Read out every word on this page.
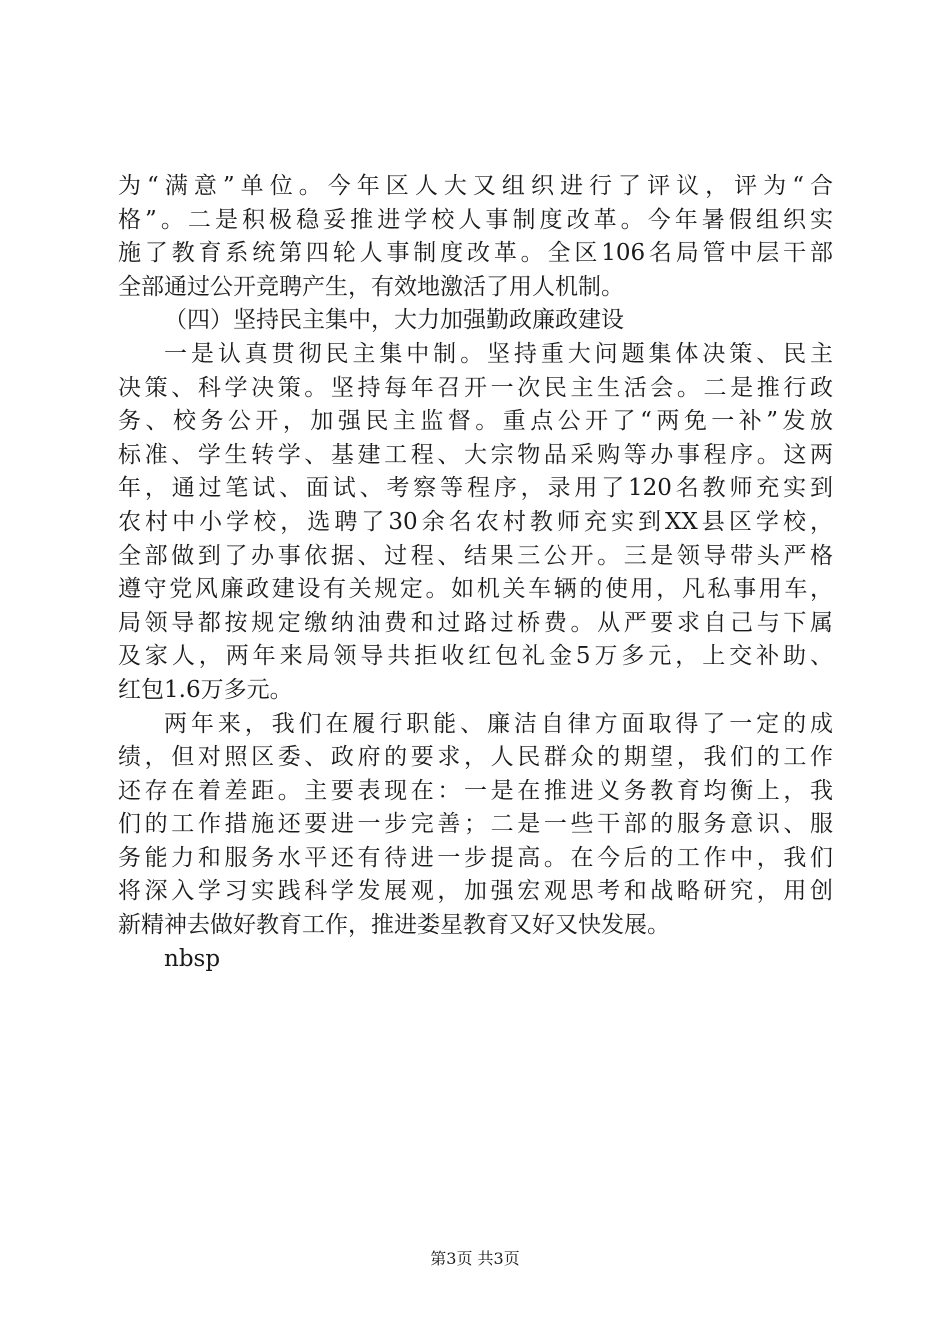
为“满意”单位。今年区人大又组织进行了评议，评为“合
格”。二是积极稳妥推进学校人事制度改革。今年暑假组织实
施了教育系统第四轮人事制度改革。全区106名局管中层干部
全部通过公开竞聘产生，有效地激活了用人机制。

（四）坚持民主集中，大力加强勤政廉政建设

一是认真贯彻民主集中制。坚持重大问题集体决策、民主
决策、科学决策。坚持每年召开一次民主生活会。二是推行政
务、校务公开，加强民主监督。重点公开了“两免一补”发放
标准、学生转学、基建工程、大宗物品采购等办事程序。这两
年，通过笔试、面试、考察等程序，录用了120名教师充实到
农村中小学校，选聘了30余名农村教师充实到XX县区学校，
全部做到了办事依据、过程、结果三公开。三是领导带头严格
遵守党风廉政建设有关规定。如机关车辆的使用，凡私事用车，
局领导都按规定缴纳油费和过路过桥费。从严要求自己与下属
及家人，两年来局领导共拒收红包礼金5万多元，上交补助、
红包1.6万多元。

两年来，我们在履行职能、廉洁自律方面取得了一定的成
绩，但对照区委、政府的要求，人民群众的期望，我们的工作
还存在着差距。主要表现在：一是在推进义务教育均衡上，我
们的工作措施还要进一步完善；二是一些干部的服务意识、服
务能力和服务水平还有待进一步提高。在今后的工作中，我们
将深入学习实践科学发展观，加强宏观思考和战略研究，用创
新精神去做好教育工作，推进娄星教育又好又快发展。

nbsp

第3页 共3页
